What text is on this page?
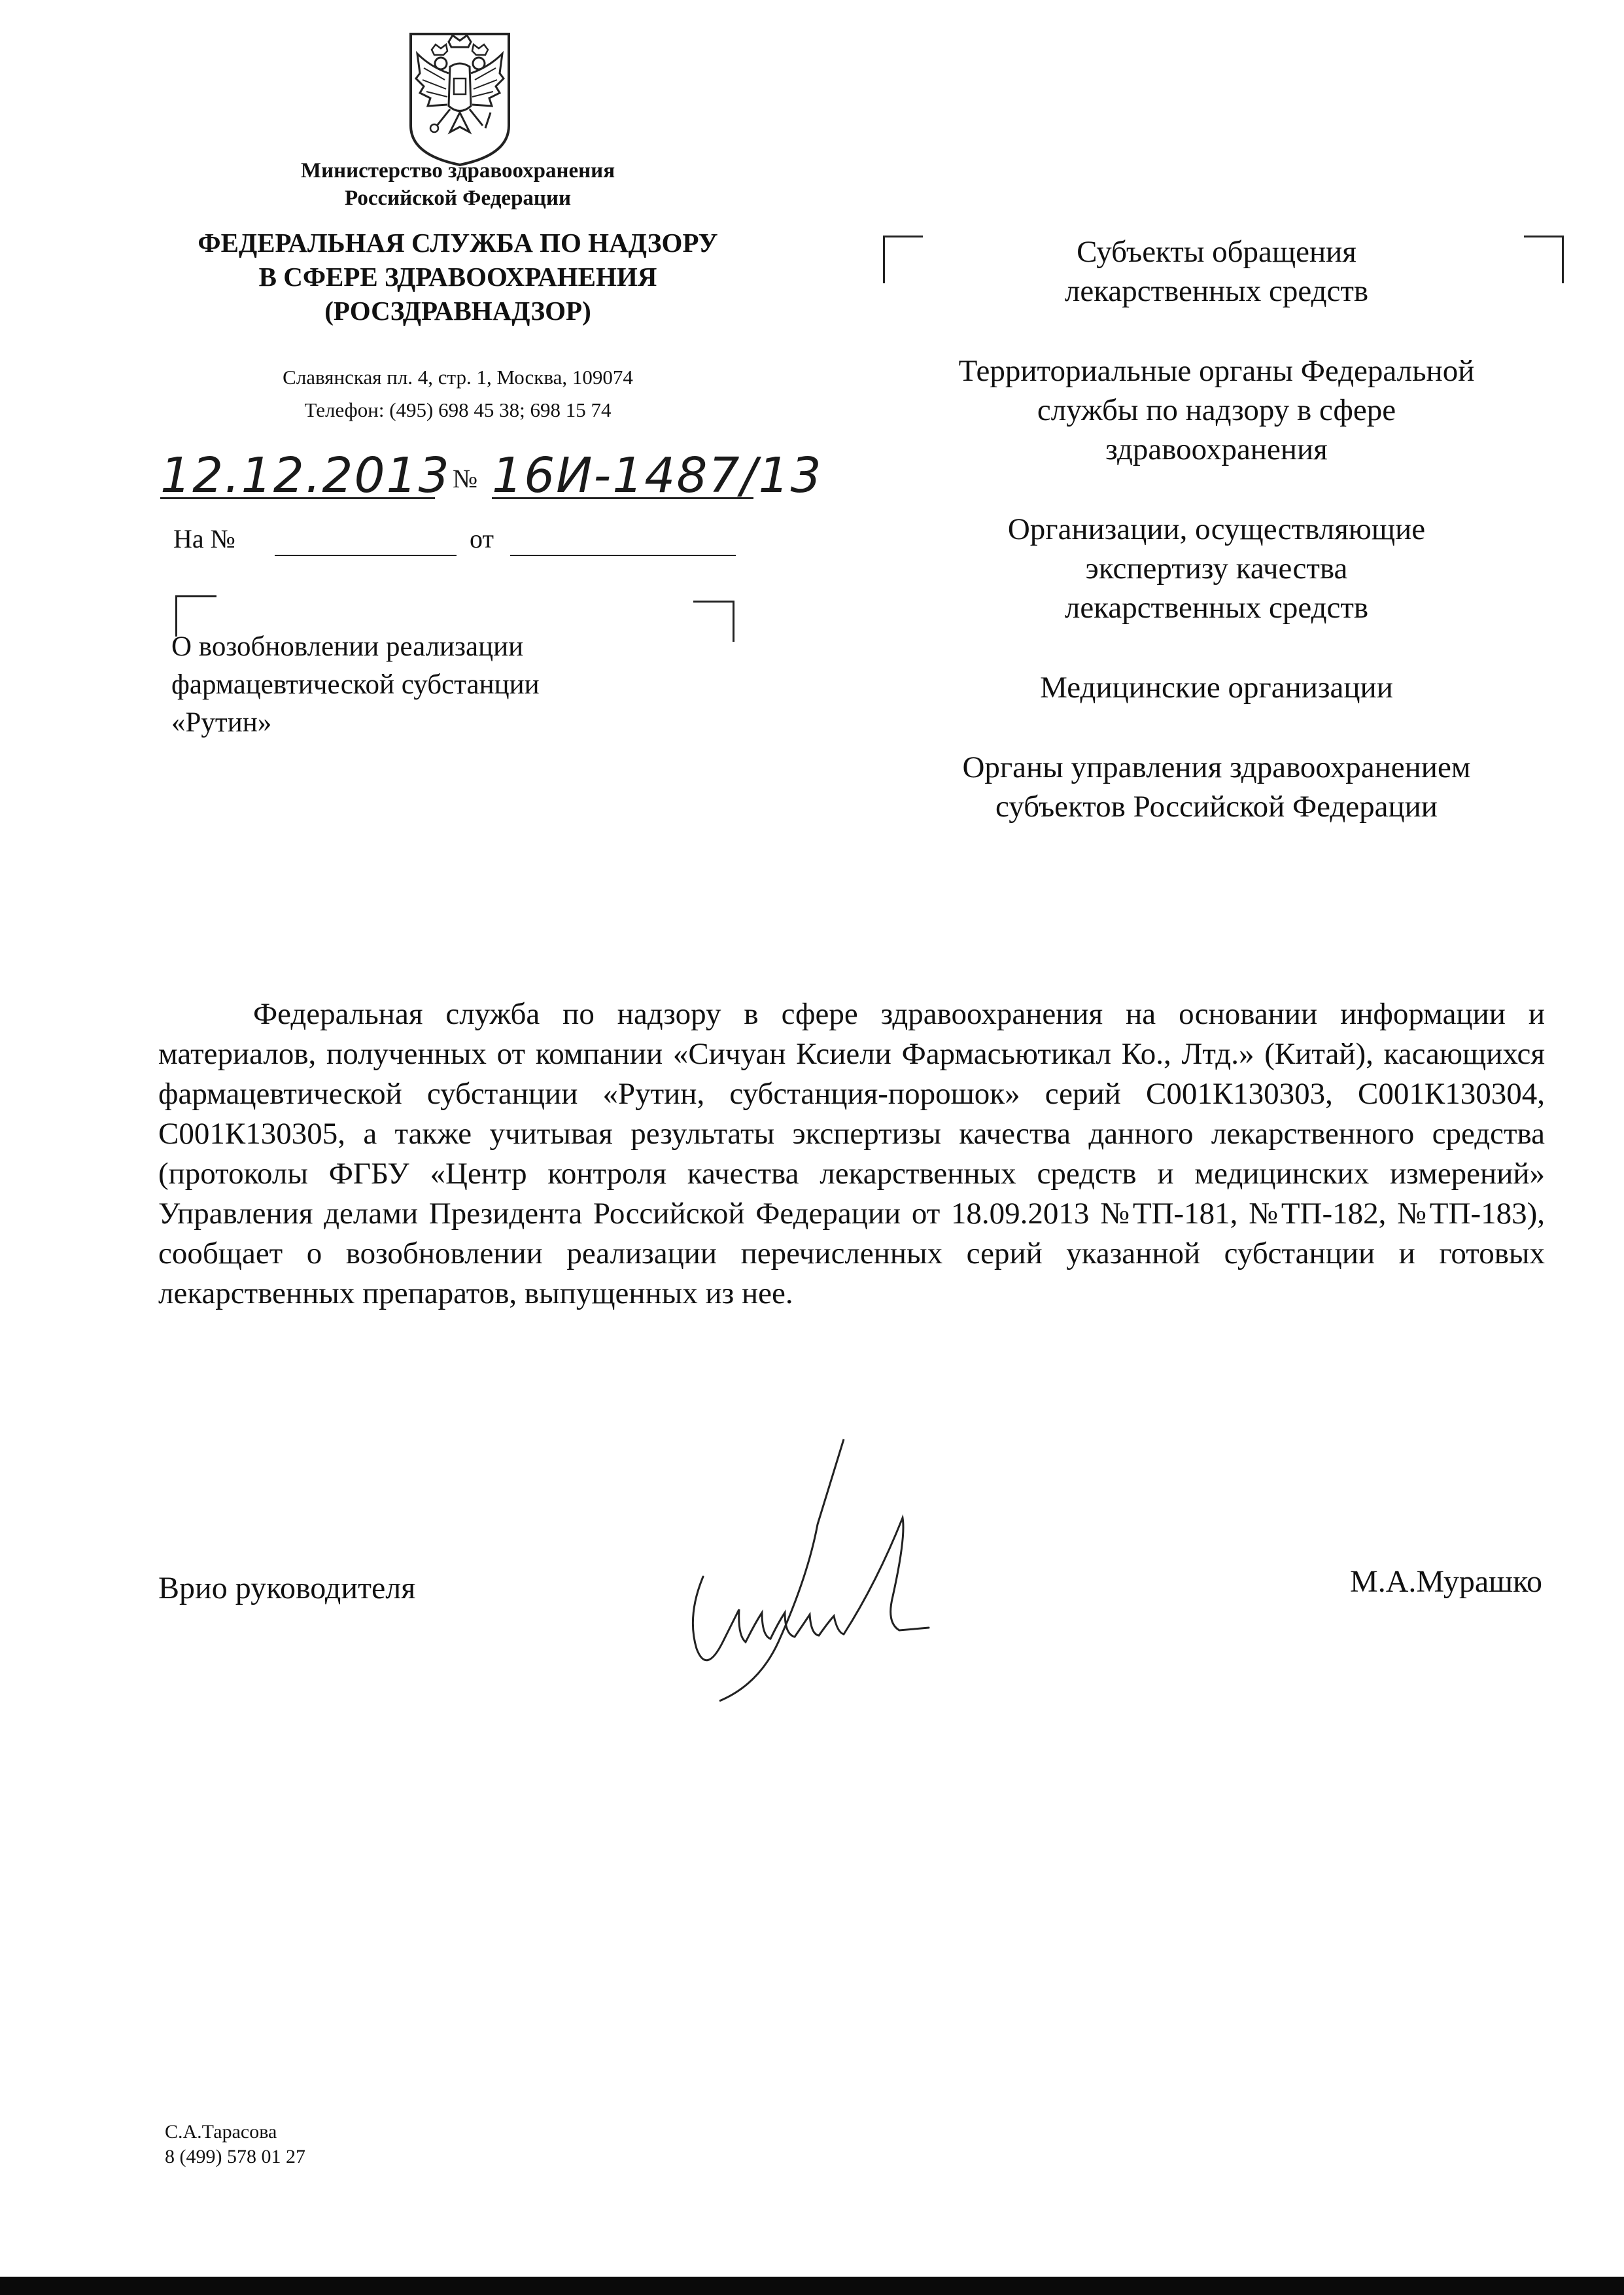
Министерство здравоохранения
Российской Федерации
ФЕДЕРАЛЬНАЯ СЛУЖБА ПО НАДЗОРУ
В СФЕРЕ ЗДРАВООХРАНЕНИЯ
(РОСЗДРАВНАДЗОР)
Славянская пл. 4, стр. 1, Москва, 109074
Телефон: (495) 698 45 38; 698 15 74
12.12.2013 № 16И-1487/13
На №	от

О возобновлении реализации

фармацевтической субстанции

«Рутин»

Субъекты обращения
лекарственных средств

Территориальные органы Федеральной
службы по надзору в сфере
здравоохранения

Организации, осуществляющие
экспертизу качества
лекарственных средств

Медицинские организации

Органы управления здравоохранением
субъектов Российской Федерации

Федеральная служба по надзору в сфере здравоохранения на основании информации и материалов, полученных от компании «Сичуан Ксиели Фармасьютикал Ко., Лтд.» (Китай), касающихся фармацевтической субстанции «Рутин, субстанция-порошок» серий С001К130303, С001К130304, С001К130305, а также учитывая результаты экспертизы качества данного лекарственного средства (протоколы ФГБУ «Центр контроля качества лекарственных средств и медицинских измерений» Управления делами Президента Российской Федерации от 18.09.2013 №ТП-181, №ТП-182, №ТП-183), сообщает о возобновлении реализации перечисленных серий указанной субстанции и готовых лекарственных препаратов, выпущенных из нее.

Врио руководителя	М.А.Мурашко
С.А.Тарасова
8 (499) 578 01 27
